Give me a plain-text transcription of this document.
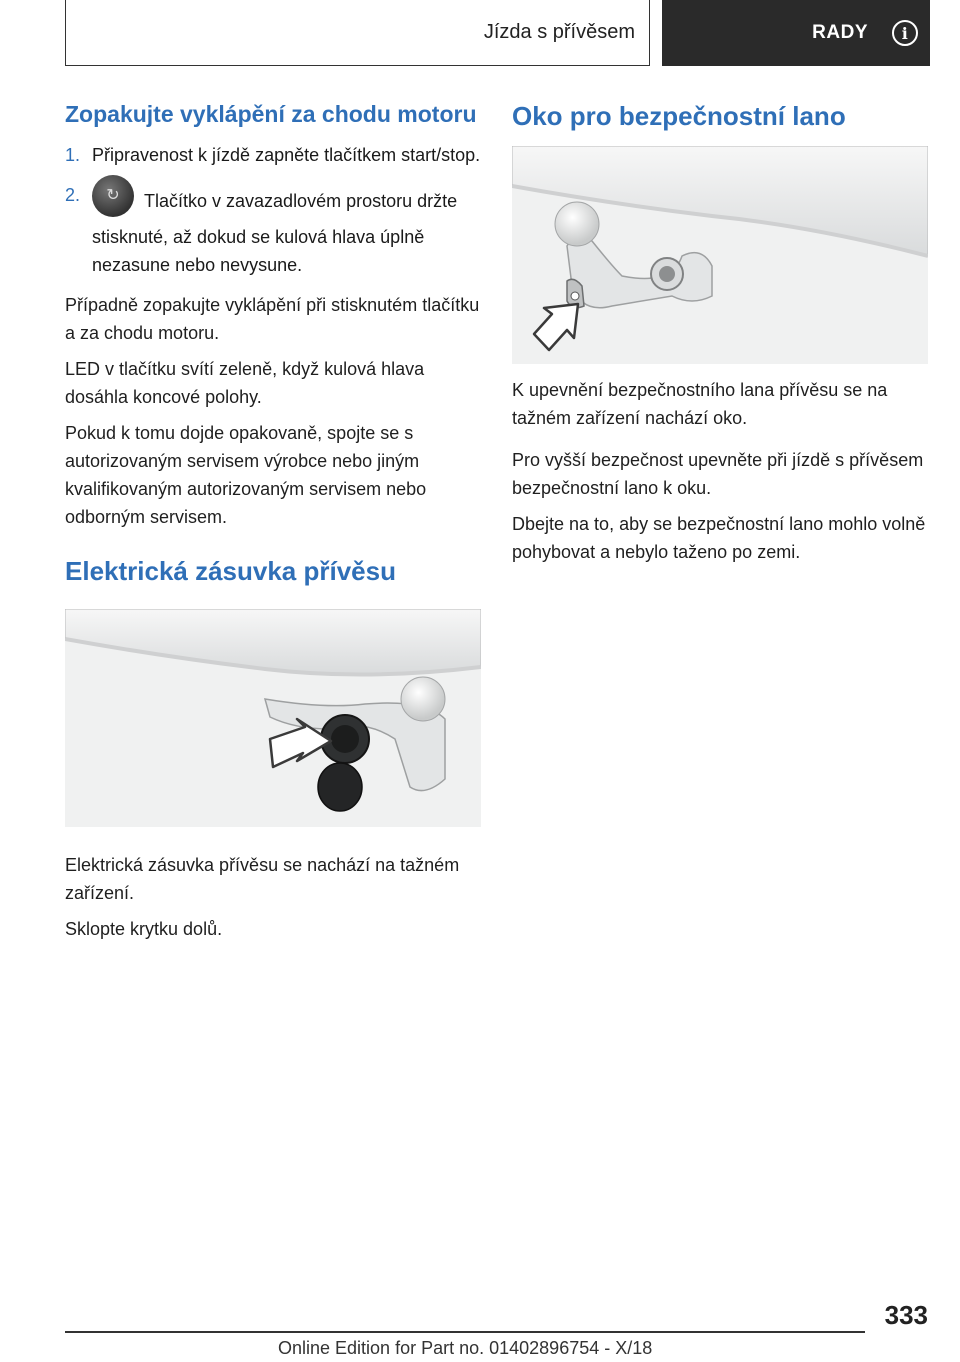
Jízda s přívěsem	RADY	i
Zopakujte vyklápění za chodu motoru
1. Připravenost k jízdě zapněte tlačítkem start/stop.
2.	↻ Tlačítko v zavazadlovém prostoru držte stisknuté, až dokud se kulová hlava úplně nezasune nebo nevysune.

Případně zopakujte vyklápění při stisknutém tlačítku a za chodu motoru.

LED v tlačítku svítí zeleně, když kulová hlava dosáhla koncové polohy.

Pokud k tomu dojde opakovaně, spojte se s autorizovaným servisem výrobce nebo jiným kvalifikovaným autorizovaným servisem nebo odborným servisem.

Elektrická zásuvka přívěsu

Elektrická zásuvka přívěsu se nachází na tažném zařízení.

Sklopte krytku dolů.

Oko pro bezpečnostní lano

K upevnění bezpečnostního lana přívěsu se na tažném zařízení nachází oko.

Pro vyšší bezpečnost upevněte při jízdě s přívěsem bezpečnostní lano k oku.

Dbejte na to, aby se bezpečnostní lano mohlo volně pohybovat a nebylo taženo po zemi.

333
Online Edition for Part no. 01402896754 - X/18
